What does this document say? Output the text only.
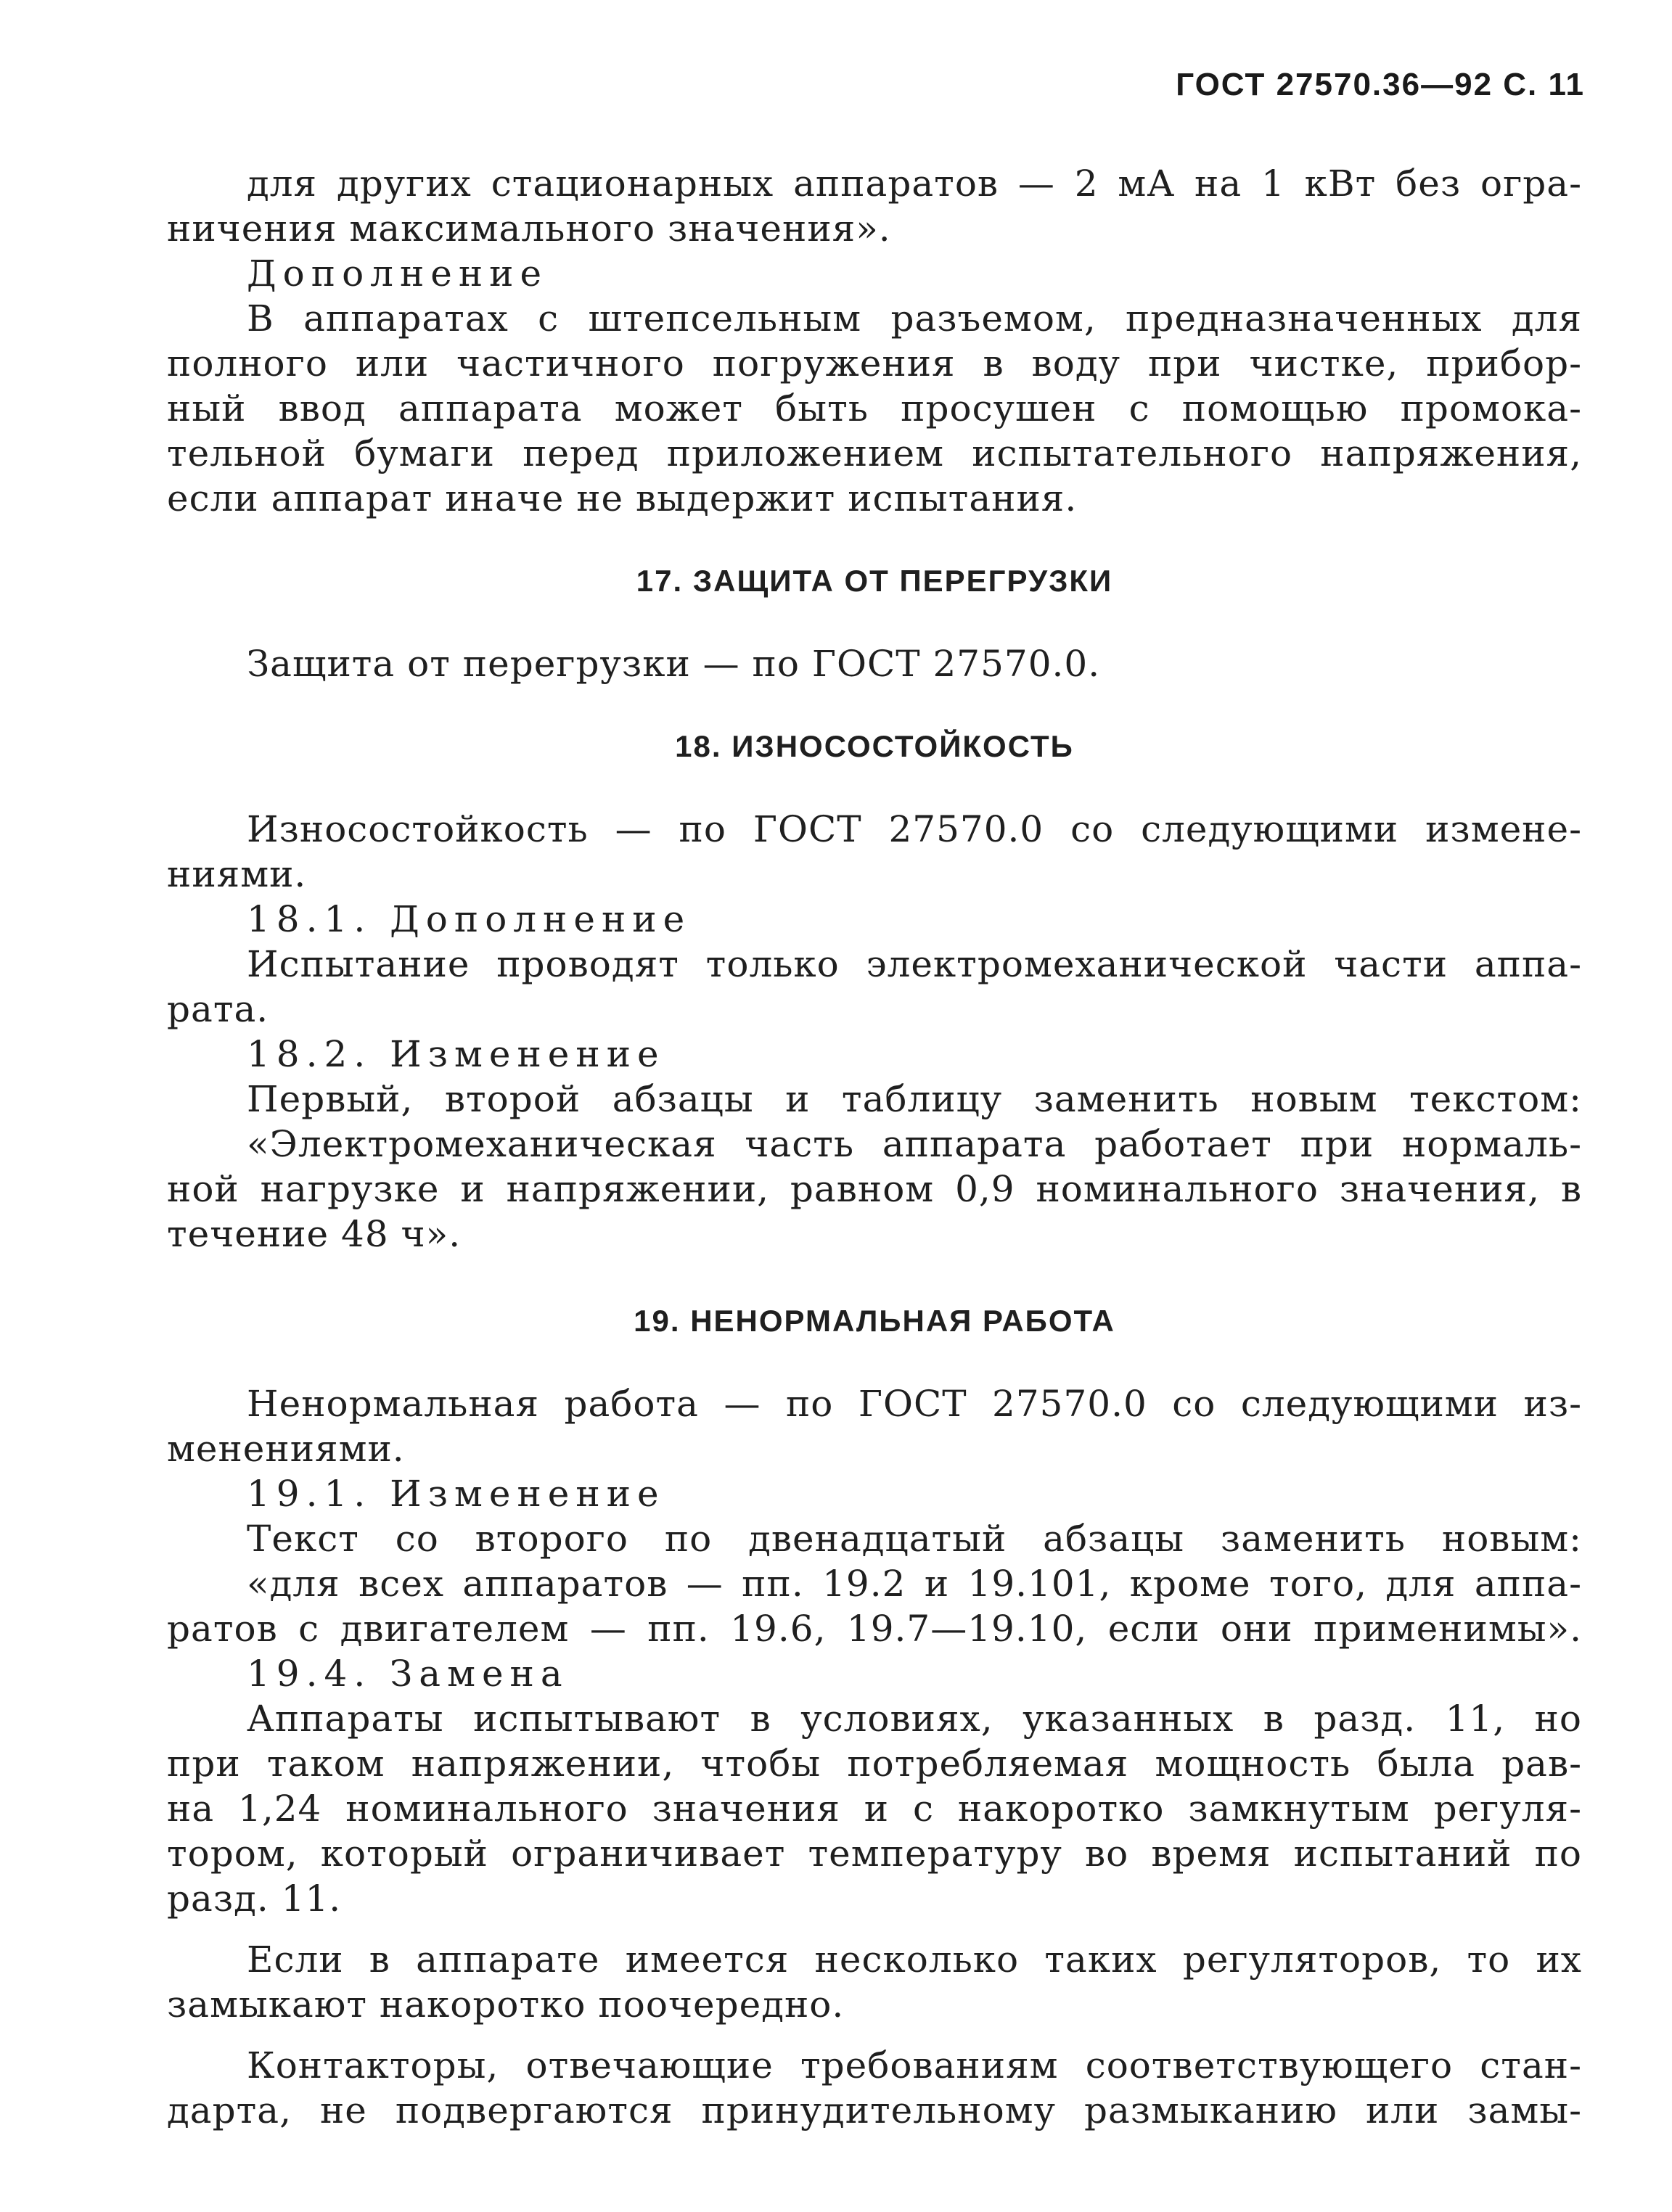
ГОСТ 27570.36—92 С. 11
для других стационарных аппаратов — 2 мА на 1 кВт без огра-
ничения максимального значения».
Дополнение
В аппаратах с штепсельным разъемом, предназначенных для
полного или частичного погружения в воду при чистке, прибор-
ный ввод аппарата может быть просушен с помощью промока-
тельной бумаги перед приложением испытательного напряжения,
если аппарат иначе не выдержит испытания.
17. ЗАЩИТА ОТ ПЕРЕГРУЗКИ
Защита от перегрузки — по ГОСТ 27570.0.
18. ИЗНОСОСТОЙКОСТЬ
Износостойкость — по ГОСТ 27570.0 со следующими измене-
ниями.
18.1. Дополнение
Испытание проводят только электромеханической части аппа-
рата.
18.2. Изменение
Первый, второй абзацы и таблицу заменить новым текстом:
«Электромеханическая часть аппарата работает при нормаль-
ной нагрузке и напряжении, равном 0,9 номинального значения, в
течение 48 ч».
19. НЕНОРМАЛЬНАЯ РАБОТА
Ненормальная работа — по ГОСТ 27570.0 со следующими из-
менениями.
19.1. Изменение
Текст со второго по двенадцатый абзацы заменить новым:
«для всех аппаратов — пп. 19.2 и 19.101, кроме того, для аппа-
ратов с двигателем — пп. 19.6, 19.7—19.10, если они применимы».
19.4. Замена
Аппараты испытывают в условиях, указанных в разд. 11, но
при таком напряжении, чтобы потребляемая мощность была рав-
на 1,24 номинального значения и с накоротко замкнутым регуля-
тором, который ограничивает температуру во время испытаний по
разд. 11.
Если в аппарате имеется несколько таких регуляторов, то их
замыкают накоротко поочередно.
Контакторы, отвечающие требованиям соответствующего стан-
дарта, не подвергаются принудительному размыканию или замы-
